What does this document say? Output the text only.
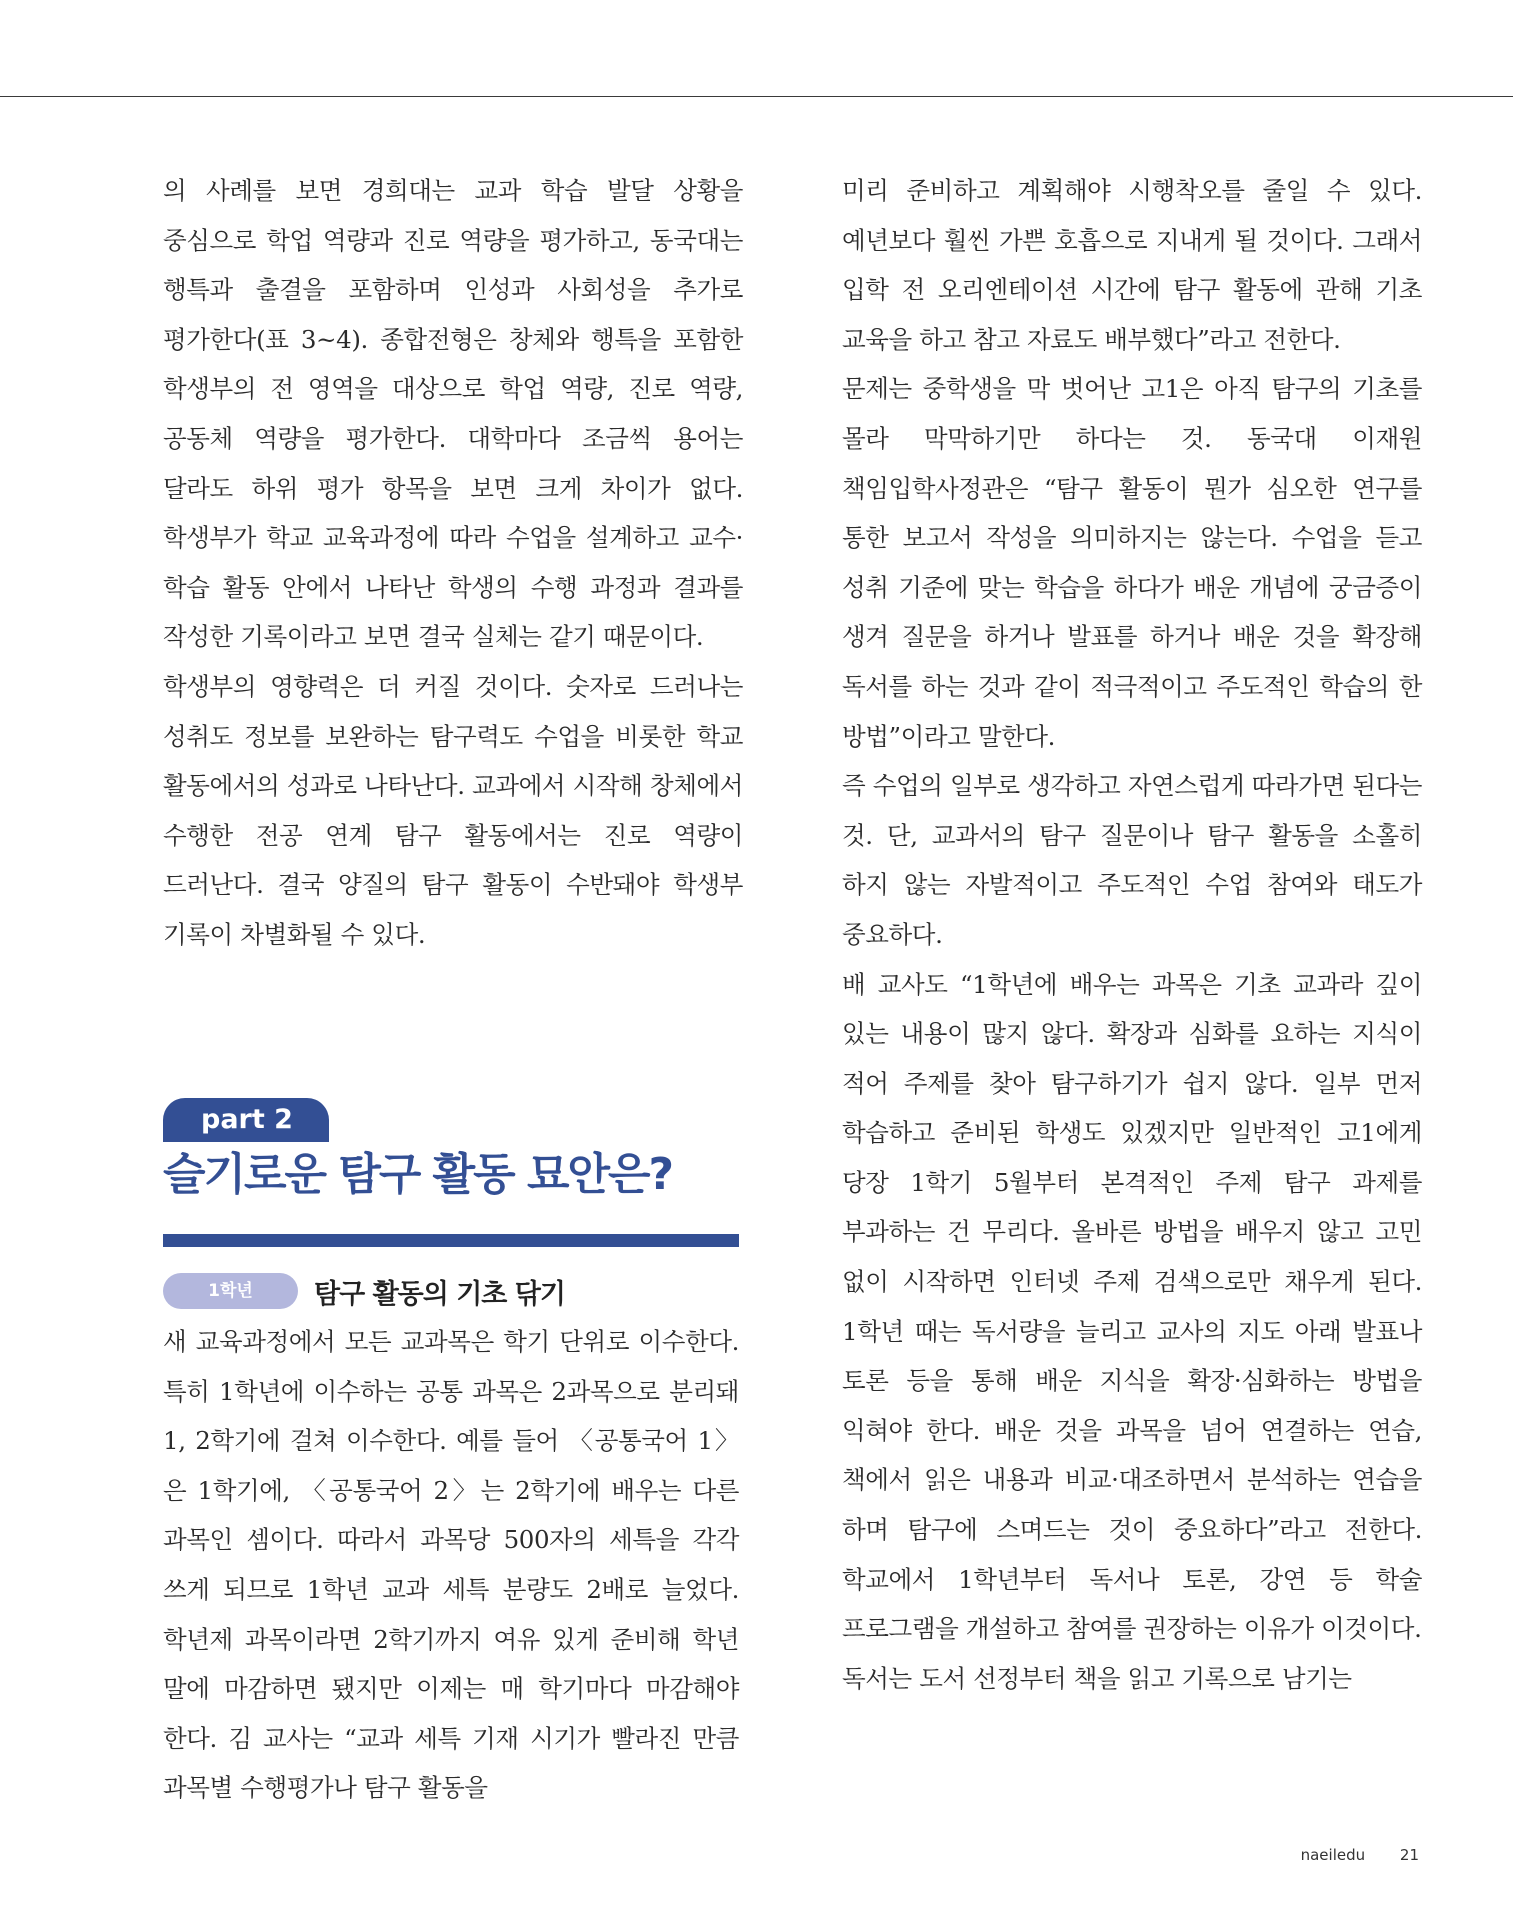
의 사례를 보면 경희대는 교과 학습 발달 상황을 중심으로 학업 역량과 진로 역량을 평가하고, 동국대는 행특과 출결을 포함하며 인성과 사회성을 추가로 평가한다(표 3~4). 종합전형은 창체와 행특을 포함한 학생부의 전 영역을 대상으로 학업 역량, 진로 역량, 공동체 역량을 평가한다. 대학마다 조금씩 용어는 달라도 하위 평가 항목을 보면 크게 차이가 없다. 학생부가 학교 교육과정에 따라 수업을 설계하고 교수·학습 활동 안에서 나타난 학생의 수행 과정과 결과를 작성한 기록이라고 보면 결국 실체는 같기 때문이다.

학생부의 영향력은 더 커질 것이다. 숫자로 드러나는 성취도 정보를 보완하는 탐구력도 수업을 비롯한 학교 활동에서의 성과로 나타난다. 교과에서 시작해 창체에서 수행한 전공 연계 탐구 활동에서는 진로 역량이 드러난다. 결국 양질의 탐구 활동이 수반돼야 학생부 기록이 차별화될 수 있다.

part 2
슬기로운 탐구 활동 묘안은?
1학년	탐구 활동의 기초 닦기

새 교육과정에서 모든 교과목은 학기 단위로 이수한다. 특히 1학년에 이수하는 공통 과목은 2과목으로 분리돼 1, 2학기에 걸쳐 이수한다. 예를 들어 〈공통국어 1〉은 1학기에, 〈공통국어 2〉는 2학기에 배우는 다른 과목인 셈이다. 따라서 과목당 500자의 세특을 각각 쓰게 되므로 1학년 교과 세특 분량도 2배로 늘었다. 학년제 과목이라면 2학기까지 여유 있게 준비해 학년 말에 마감하면 됐지만 이제는 매 학기마다 마감해야 한다. 김 교사는 “교과 세특 기재 시기가 빨라진 만큼 과목별 수행평가나 탐구 활동을

미리 준비하고 계획해야 시행착오를 줄일 수 있다. 예년보다 훨씬 가쁜 호흡으로 지내게 될 것이다. 그래서 입학 전 오리엔테이션 시간에 탐구 활동에 관해 기초 교육을 하고 참고 자료도 배부했다”라고 전한다.

문제는 중학생을 막 벗어난 고1은 아직 탐구의 기초를 몰라 막막하기만 하다는 것. 동국대 이재원 책임입학사정관은 “탐구 활동이 뭔가 심오한 연구를 통한 보고서 작성을 의미하지는 않는다. 수업을 듣고 성취 기준에 맞는 학습을 하다가 배운 개념에 궁금증이 생겨 질문을 하거나 발표를 하거나 배운 것을 확장해 독서를 하는 것과 같이 적극적이고 주도적인 학습의 한 방법”이라고 말한다.

즉 수업의 일부로 생각하고 자연스럽게 따라가면 된다는 것. 단, 교과서의 탐구 질문이나 탐구 활동을 소홀히 하지 않는 자발적이고 주도적인 수업 참여와 태도가 중요하다.

배 교사도 “1학년에 배우는 과목은 기초 교과라 깊이 있는 내용이 많지 않다. 확장과 심화를 요하는 지식이 적어 주제를 찾아 탐구하기가 쉽지 않다. 일부 먼저 학습하고 준비된 학생도 있겠지만 일반적인 고1에게 당장 1학기 5월부터 본격적인 주제 탐구 과제를 부과하는 건 무리다. 올바른 방법을 배우지 않고 고민 없이 시작하면 인터넷 주제 검색으로만 채우게 된다. 1학년 때는 독서량을 늘리고 교사의 지도 아래 발표나 토론 등을 통해 배운 지식을 확장·심화하는 방법을 익혀야 한다. 배운 것을 과목을 넘어 연결하는 연습, 책에서 읽은 내용과 비교·대조하면서 분석하는 연습을 하며 탐구에 스며드는 것이 중요하다”라고 전한다. 학교에서 1학년부터 독서나 토론, 강연 등 학술 프로그램을 개설하고 참여를 권장하는 이유가 이것이다.

독서는 도서 선정부터 책을 읽고 기록으로 남기는

naeiledu 21
